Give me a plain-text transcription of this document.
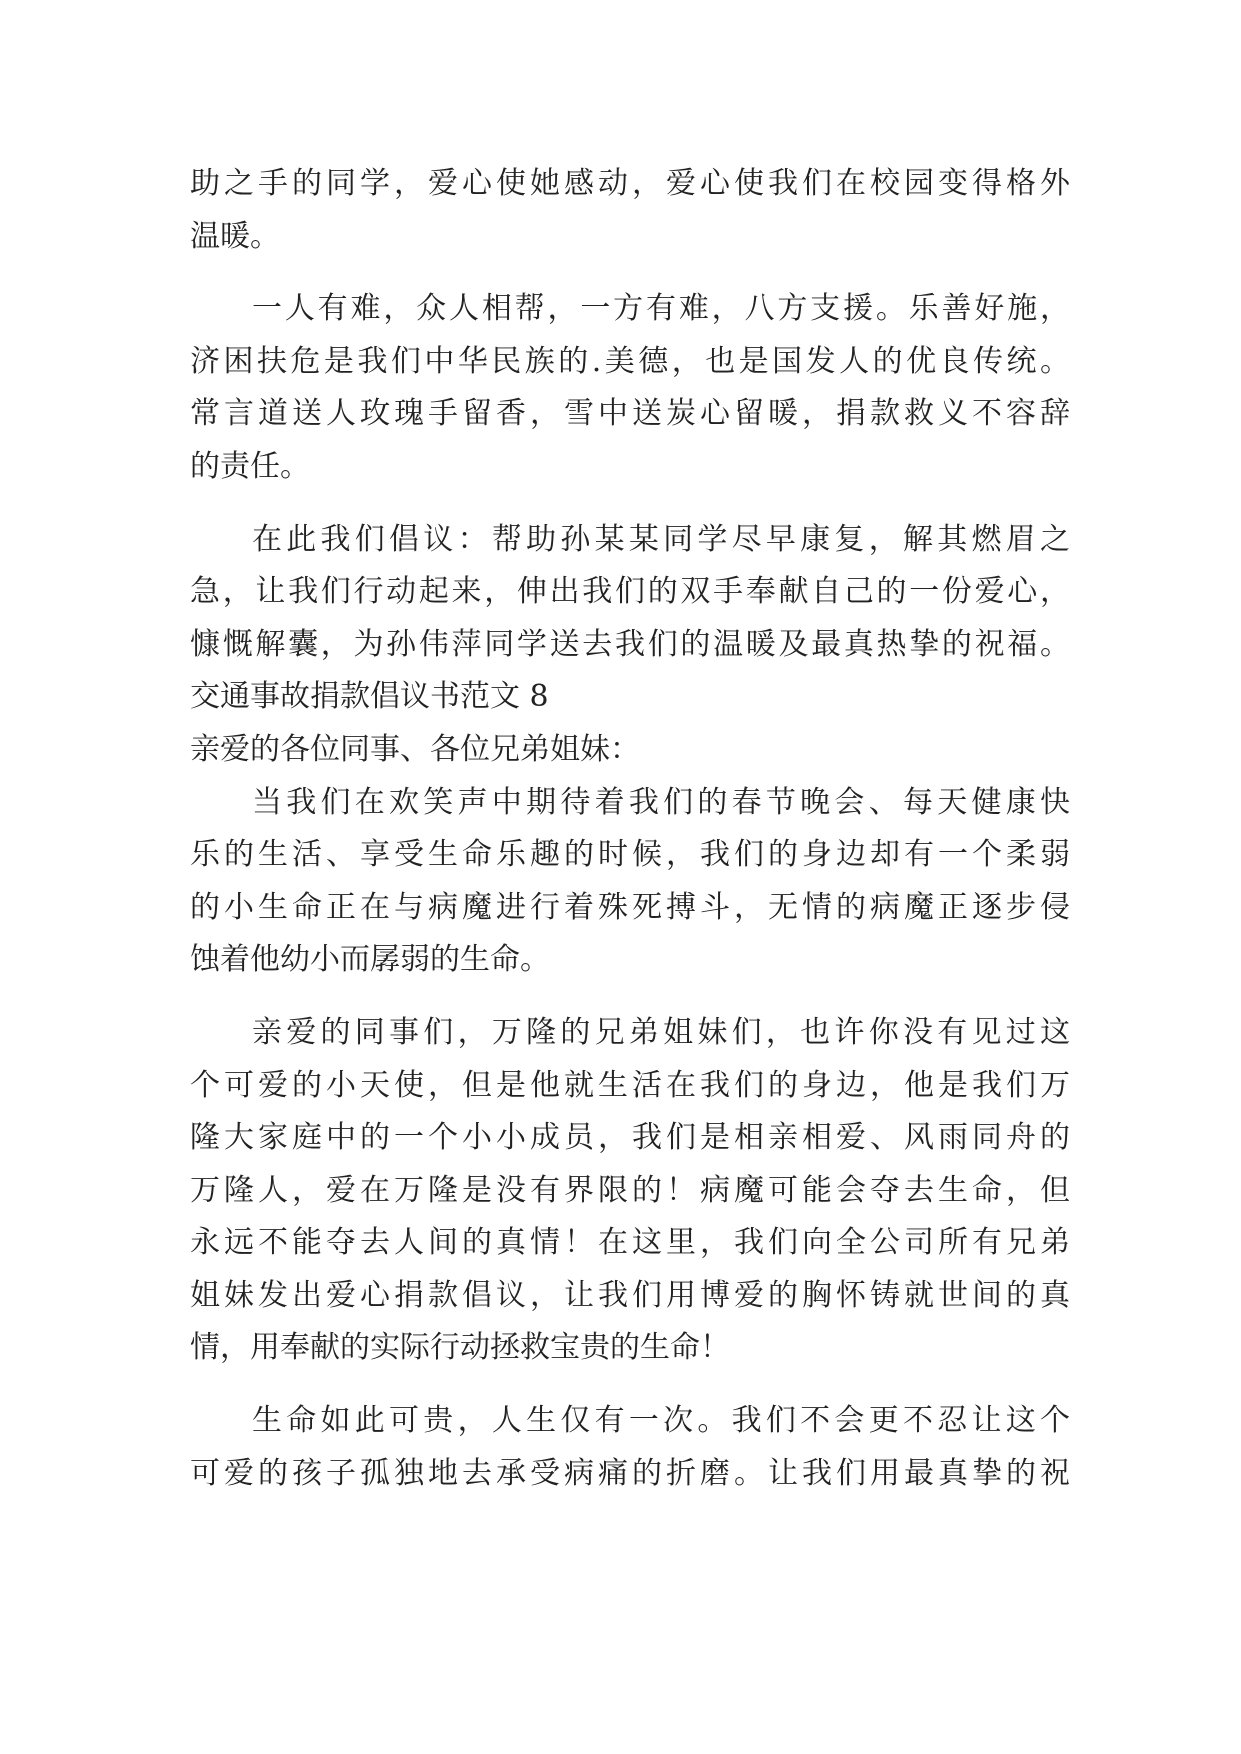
助之手的同学，爱心使她感动，爱心使我们在校园变得格外
温暖。
一人有难，众人相帮，一方有难，八方支援。乐善好施，
济困扶危是我们中华民族的.美德，也是国发人的优良传统。
常言道送人玫瑰手留香，雪中送炭心留暖，捐款救义不容辞
的责任。
在此我们倡议：帮助孙某某同学尽早康复，解其燃眉之
急，让我们行动起来，伸出我们的双手奉献自己的一份爱心，
慷慨解囊，为孙伟萍同学送去我们的温暖及最真热挚的祝福。
交通事故捐款倡议书范文 8
亲爱的各位同事、各位兄弟姐妹：
当我们在欢笑声中期待着我们的春节晚会、每天健康快
乐的生活、享受生命乐趣的时候，我们的身边却有一个柔弱
的小生命正在与病魔进行着殊死搏斗，无情的病魔正逐步侵
蚀着他幼小而孱弱的生命。
亲爱的同事们，万隆的兄弟姐妹们，也许你没有见过这
个可爱的小天使，但是他就生活在我们的身边，他是我们万
隆大家庭中的一个小小成员，我们是相亲相爱、风雨同舟的
万隆人，爱在万隆是没有界限的！病魔可能会夺去生命，但
永远不能夺去人间的真情！在这里，我们向全公司所有兄弟
姐妹发出爱心捐款倡议，让我们用博爱的胸怀铸就世间的真
情，用奉献的实际行动拯救宝贵的生命！
生命如此可贵，人生仅有一次。我们不会更不忍让这个
可爱的孩子孤独地去承受病痛的折磨。让我们用最真挚的祝
